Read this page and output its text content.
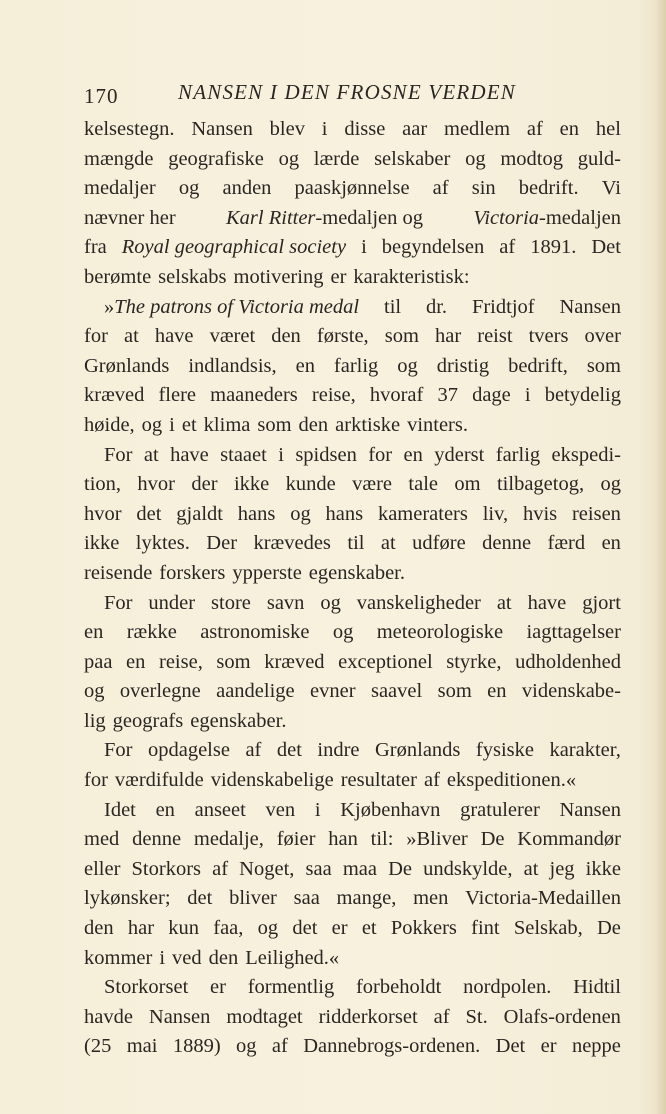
170	NANSEN I DEN FROSNE VERDEN
kelsestegn. Nansen blev i disse aar medlem af en hel
mængde geografiske og lærde selskaber og modtog guld-
medaljer og anden paaskjønnelse af sin bedrift. Vi
nævner her Karl Ritter-medaljen og Victoria-medaljen
fra Royal geographical society i begyndelsen af 1891. Det
berømte selskabs motivering er karakteristisk:
»The patrons of Victoria medal til dr. Fridtjof Nansen
for at have været den første, som har reist tvers over
Grønlands indlandsis, en farlig og dristig bedrift, som
kræved flere maaneders reise, hvoraf 37 dage i betydelig
høide, og i et klima som den arktiske vinters.
For at have staaet i spidsen for en yderst farlig ekspedi-
tion, hvor der ikke kunde være tale om tilbagetog, og
hvor det gjaldt hans og hans kameraters liv, hvis reisen
ikke lyktes. Der krævedes til at udføre denne færd en
reisende forskers ypperste egenskaber.
For under store savn og vanskeligheder at have gjort
en række astronomiske og meteorologiske iagttagelser
paa en reise, som kræved exceptionel styrke, udholdenhed
og overlegne aandelige evner saavel som en videnskabe-
lig geografs egenskaber.
For opdagelse af det indre Grønlands fysiske karakter,
for værdifulde videnskabelige resultater af ekspeditionen.«
Idet en anseet ven i Kjøbenhavn gratulerer Nansen
med denne medalje, føier han til: »Bliver De Kommandør
eller Storkors af Noget, saa maa De undskylde, at jeg ikke
lykønsker; det bliver saa mange, men Victoria-Medaillen
den har kun faa, og det er et Pokkers fint Selskab, De
kommer i ved den Leilighed.«
Storkorset er formentlig forbeholdt nordpolen. Hidtil
havde Nansen modtaget ridderkorset af St. Olafs-ordenen
(25 mai 1889) og af Dannebrogs-ordenen. Det er neppe
